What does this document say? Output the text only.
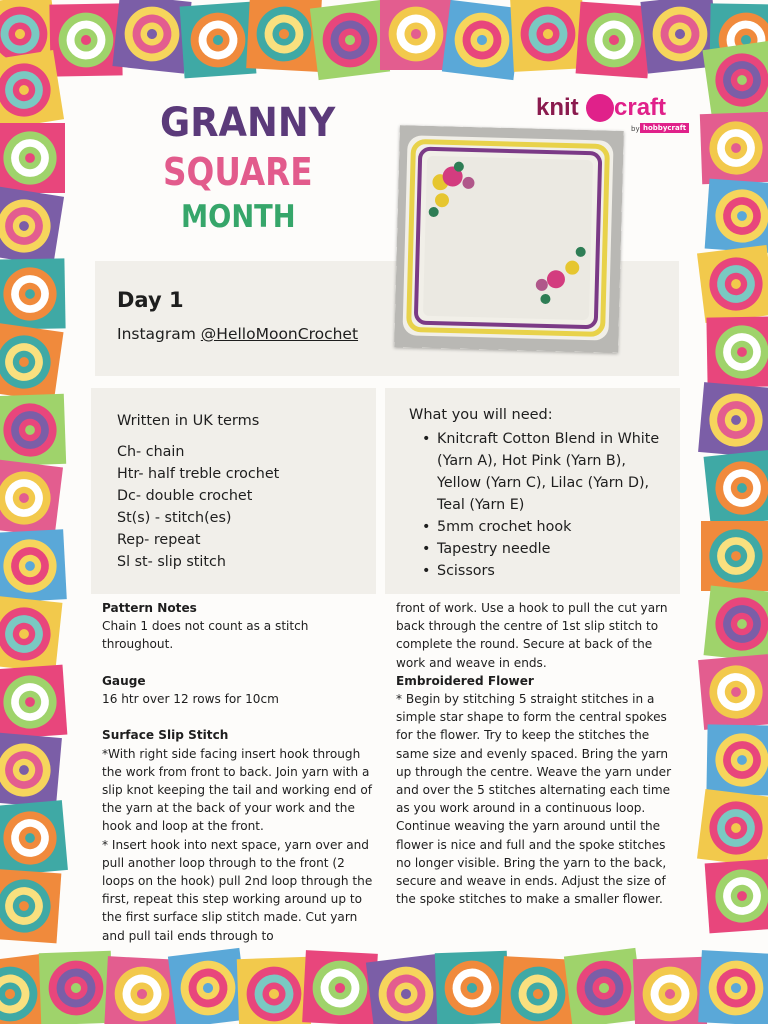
GRANNY
SQUARE
MONTH
knit craft
by hobbycraft
Day 1
Instagram @HelloMoonCrochet
Written in UK terms
Ch- chain
Htr- half treble crochet
Dc- double crochet
St(s) - stitch(es)
Rep- repeat
Sl st- slip stitch
What you will need:
• Knitcraft Cotton Blend in White (Yarn A), Hot Pink (Yarn B), Yellow (Yarn C), Lilac (Yarn D), Teal (Yarn E)
• 5mm crochet hook
• Tapestry needle
• Scissors

Pattern Notes

Chain 1 does not count as a stitch throughout.

Gauge

16 htr over 12 rows for 10cm

Surface Slip Stitch

*With right side facing insert hook through the work from front to back. Join yarn with a slip knot keeping the tail and working end of the yarn at the back of your work and the hook and loop at the front.

* Insert hook into next space, yarn over and pull another loop through to the front (2 loops on the hook) pull 2nd loop through the first, repeat this step working around up to the first surface slip stitch made. Cut yarn and pull tail ends through to

front of work. Use a hook to pull the cut yarn back through the centre of 1st slip stitch to complete the round. Secure at back of the work and weave in ends.

Embroidered Flower

* Begin by stitching 5 straight stitches in a simple star shape to form the central spokes for the flower. Try to keep the stitches the same size and evenly spaced. Bring the yarn up through the centre. Weave the yarn under and over the 5 stitches alternating each time as you work around in a continuous loop. Continue weaving the yarn around until the flower is nice and full and the spoke stitches no longer visible. Bring the yarn to the back, secure and weave in ends. Adjust the size of the spoke stitches to make a smaller flower.
